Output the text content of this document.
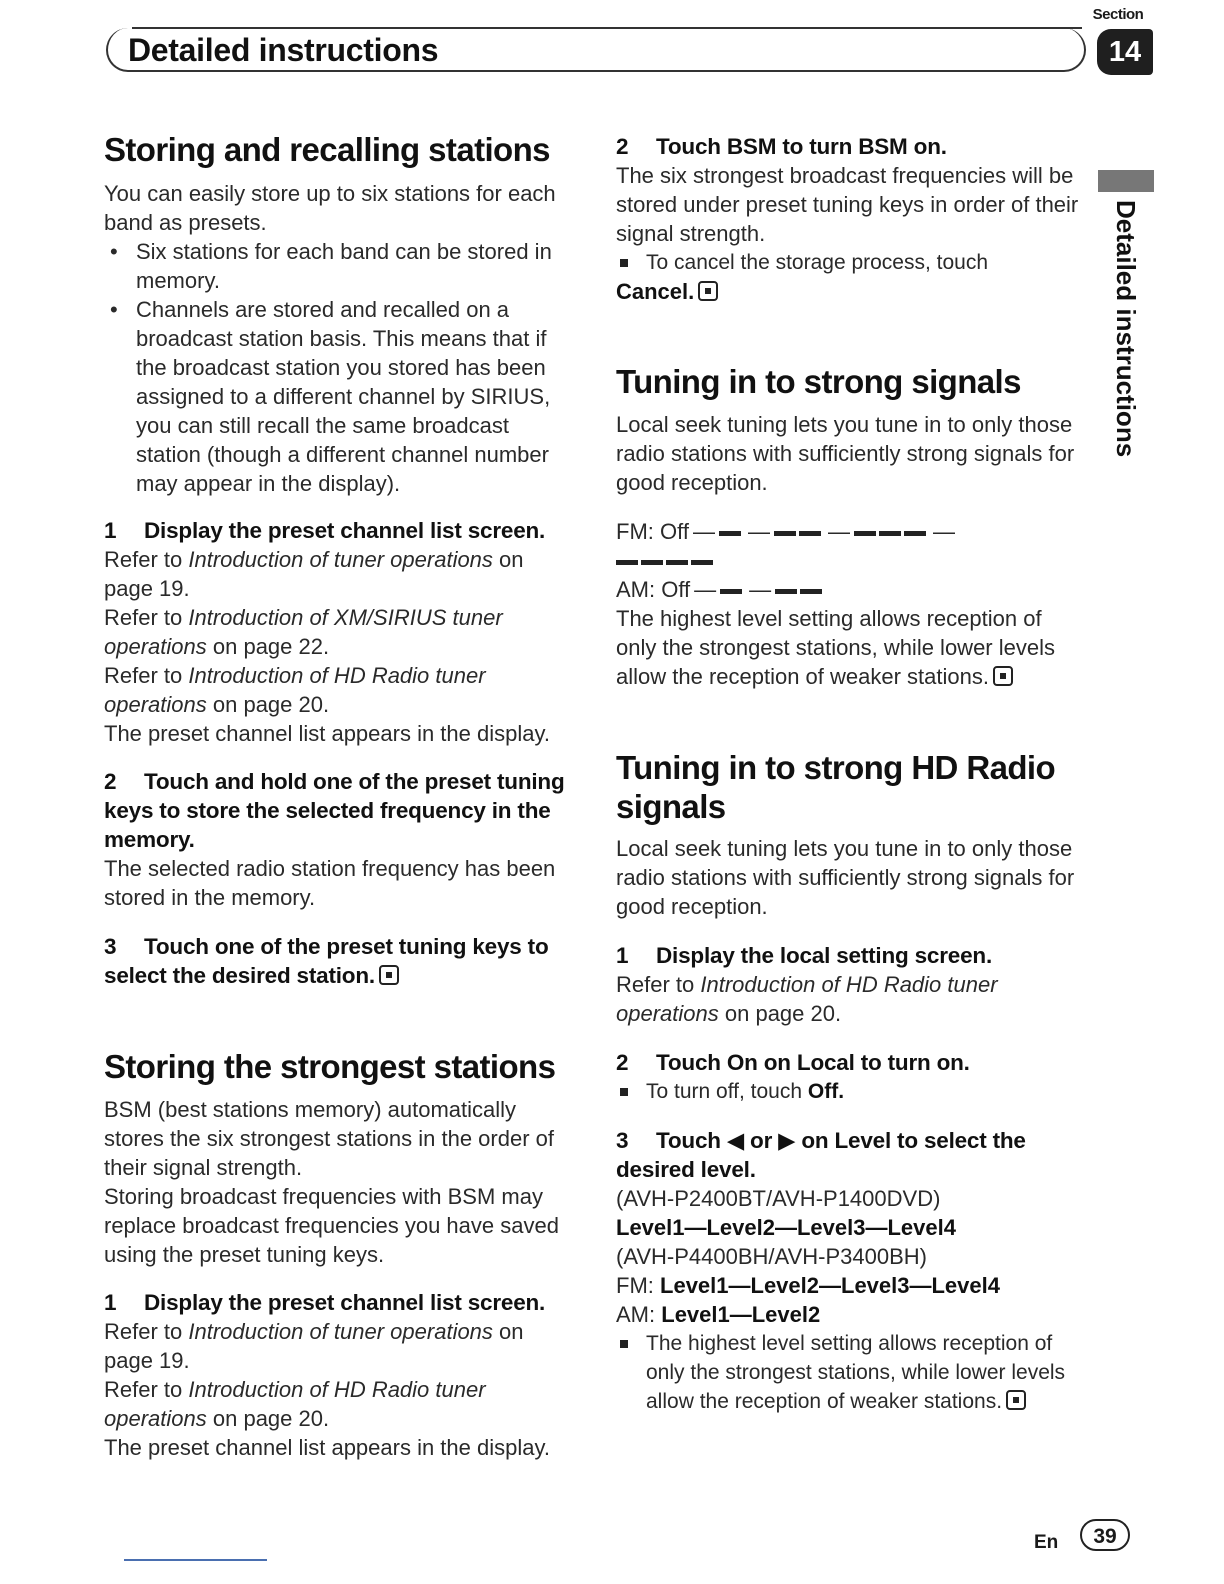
Section
Detailed instructions	14
Detailed instructions
Storing and recalling stations

You can easily store up to six stations for each band as presets.

• Six stations for each band can be stored in memory.
• Channels are stored and recalled on a broadcast station basis. This means that if the broadcast station you stored has been assigned to a different channel by SIRIUS, you can still recall the same broadcast station (though a different channel number may appear in the display).

1 Display the preset channel list screen.

Refer to Introduction of tuner operations on page 19.

Refer to Introduction of XM/SIRIUS tuner operations on page 22.

Refer to Introduction of HD Radio tuner operations on page 20.

The preset channel list appears in the display.

2 Touch and hold one of the preset tuning keys to store the selected frequency in the memory.

The selected radio station frequency has been stored in the memory.

3 Touch one of the preset tuning keys to select the desired station.

Storing the strongest stations

BSM (best stations memory) automatically stores the six strongest stations in the order of their signal strength.

Storing broadcast frequencies with BSM may replace broadcast frequencies you have saved using the preset tuning keys.

1 Display the preset channel list screen.

Refer to Introduction of tuner operations on page 19.

Refer to Introduction of HD Radio tuner operations on page 20.

The preset channel list appears in the display.

2 Touch BSM to turn BSM on.

The six strongest broadcast frequencies will be stored under preset tuning keys in order of their signal strength.

To cancel the storage process, touch

Cancel.

Tuning in to strong signals

Local seek tuning lets you tune in to only those radio stations with sufficiently strong signals for good reception.

FM: Off — —	—	—

AM: Off — —

The highest level setting allows reception of only the strongest stations, while lower levels allow the reception of weaker stations.

Tuning in to strong HD Radio signals

Local seek tuning lets you tune in to only those radio stations with sufficiently strong signals for good reception.

1 Display the local setting screen.

Refer to Introduction of HD Radio tuner operations on page 20.

2 Touch On on Local to turn on.

To turn off, touch Off.

3 Touch ◀ or ▶ on Level to select the desired level.

(AVH-P2400BT/AVH-P1400DVD)

Level1—Level2—Level3—Level4

(AVH-P4400BH/AVH-P3400BH)

FM: Level1—Level2—Level3—Level4

AM: Level1—Level2

The highest level setting allows reception of only the strongest stations, while lower levels allow the reception of weaker stations.

En	39
